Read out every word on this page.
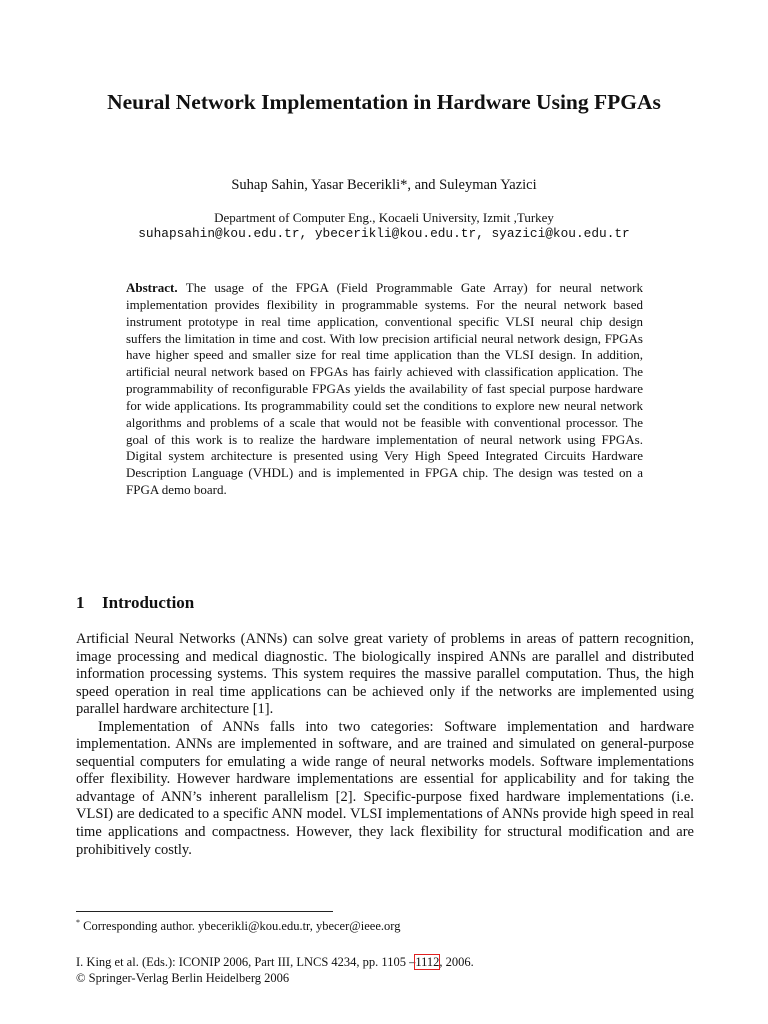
Neural Network Implementation in Hardware Using FPGAs
Suhap Sahin, Yasar Becerikli*, and Suleyman Yazici
Department of Computer Eng., Kocaeli University, Izmit ,Turkey
suhapsahin@kou.edu.tr, ybecerikli@kou.edu.tr, syazici@kou.edu.tr

Abstract. The usage of the FPGA (Field Programmable Gate Array) for neural network implementation provides flexibility in programmable systems. For the neural network based instrument prototype in real time application, conventional specific VLSI neural chip design suffers the limitation in time and cost. With low precision artificial neural network design, FPGAs have higher speed and smaller size for real time application than the VLSI design. In addition, artificial neural network based on FPGAs has fairly achieved with classification application. The programmability of reconfigurable FPGAs yields the availability of fast special purpose hardware for wide applications. Its programmability could set the conditions to explore new neural network algorithms and problems of a scale that would not be feasible with conventional processor. The goal of this work is to realize the hardware implementation of neural network using FPGAs. Digital system architecture is presented using Very High Speed Integrated Circuits Hardware Description Language (VHDL) and is implemented in FPGA chip. The design was tested on a FPGA demo board.

1 Introduction

Artificial Neural Networks (ANNs) can solve great variety of problems in areas of pattern recognition, image processing and medical diagnostic. The biologically inspired ANNs are parallel and distributed information processing systems. This system requires the massive parallel computation. Thus, the high speed operation in real time applications can be achieved only if the networks are implemented using parallel hardware architecture [1].

Implementation of ANNs falls into two categories: Software implementation and hardware implementation. ANNs are implemented in software, and are trained and simulated on general-purpose sequential computers for emulating a wide range of neural networks models. Software implementations offer flexibility. However hardware implementations are essential for applicability and for taking the advantage of ANN’s inherent parallelism [2]. Specific-purpose fixed hardware implementations (i.e. VLSI) are dedicated to a specific ANN model. VLSI implementations of ANNs provide high speed in real time applications and compactness. However, they lack flexibility for structural modification and are prohibitively costly.

* Corresponding author. ybecerikli@kou.edu.tr, ybecer@ieee.org
I. King et al. (Eds.): ICONIP 2006, Part III, LNCS 4234, pp. 1105 –1112, 2006.
© Springer-Verlag Berlin Heidelberg 2006
